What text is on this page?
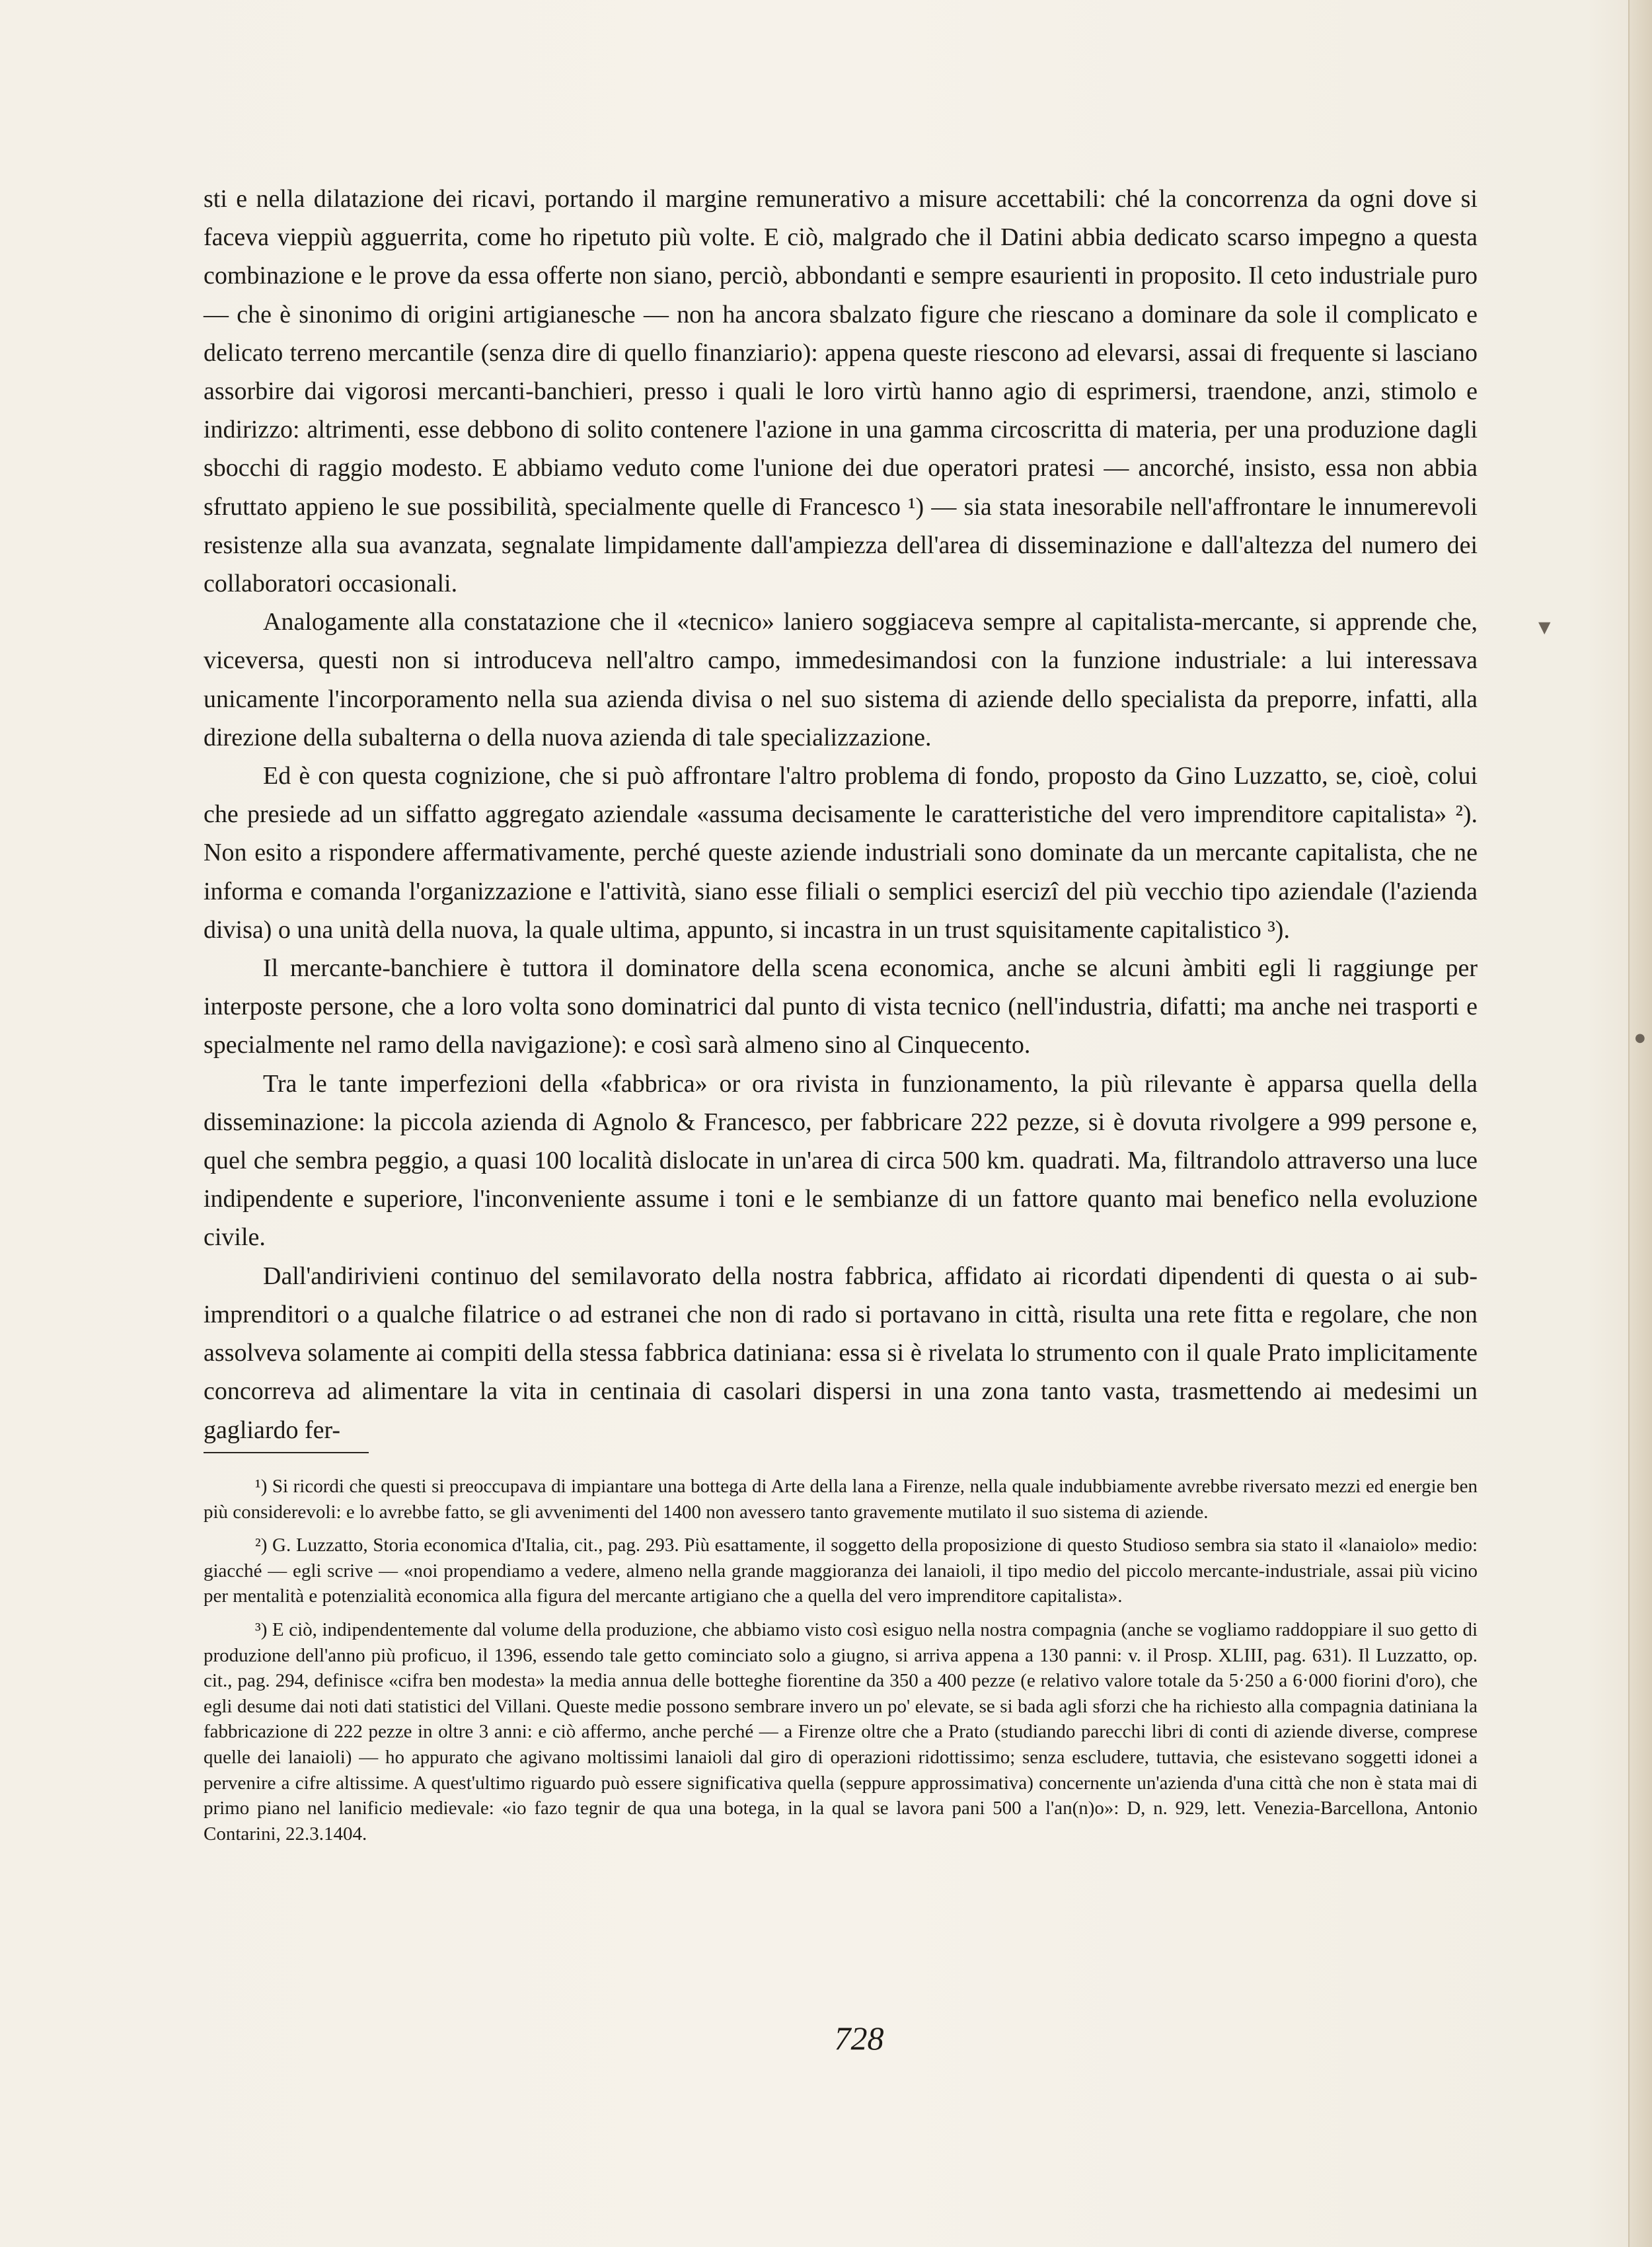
sti e nella dilatazione dei ricavi, portando il margine remunerativo a misure accettabili: ché la concorrenza da ogni dove si faceva vieppiù agguerrita, come ho ripetuto più volte. E ciò, malgrado che il Datini abbia dedicato scarso impegno a questa combinazione e le prove da essa offerte non siano, perciò, abbondanti e sempre esaurienti in proposito. Il ceto industriale puro — che è sinonimo di origini artigianesche — non ha ancora sbalzato figure che riescano a dominare da sole il complicato e delicato terreno mercantile (senza dire di quello finanziario): appena queste riescono ad elevarsi, assai di frequente si lasciano assorbire dai vigorosi mercanti-banchieri, presso i quali le loro virtù hanno agio di esprimersi, traendone, anzi, stimolo e indirizzo: altrimenti, esse debbono di solito contenere l'azione in una gamma circoscritta di materia, per una produzione dagli sbocchi di raggio modesto. E abbiamo veduto come l'unione dei due operatori pratesi — ancorché, insisto, essa non abbia sfruttato appieno le sue possibilità, specialmente quelle di Francesco ¹) — sia stata inesorabile nell'affrontare le innumerevoli resistenze alla sua avanzata, segnalate limpidamente dall'ampiezza dell'area di disseminazione e dall'altezza del numero dei collaboratori occasionali.

Analogamente alla constatazione che il «tecnico» laniero soggiaceva sempre al capitalista-mercante, si apprende che, viceversa, questi non si introduceva nell'altro campo, immedesimandosi con la funzione industriale: a lui interessava unicamente l'incorporamento nella sua azienda divisa o nel suo sistema di aziende dello specialista da preporre, infatti, alla direzione della subalterna o della nuova azienda di tale specializzazione.

Ed è con questa cognizione, che si può affrontare l'altro problema di fondo, proposto da Gino Luzzatto, se, cioè, colui che presiede ad un siffatto aggregato aziendale «assuma decisamente le caratteristiche del vero imprenditore capitalista» ²). Non esito a rispondere affermativamente, perché queste aziende industriali sono dominate da un mercante capitalista, che ne informa e comanda l'organizzazione e l'attività, siano esse filiali o semplici esercizî del più vecchio tipo aziendale (l'azienda divisa) o una unità della nuova, la quale ultima, appunto, si incastra in un trust squisitamente capitalistico ³).

Il mercante-banchiere è tuttora il dominatore della scena economica, anche se alcuni àmbiti egli li raggiunge per interposte persone, che a loro volta sono dominatrici dal punto di vista tecnico (nell'industria, difatti; ma anche nei trasporti e specialmente nel ramo della navigazione): e così sarà almeno sino al Cinquecento.

Tra le tante imperfezioni della «fabbrica» or ora rivista in funzionamento, la più rilevante è apparsa quella della disseminazione: la piccola azienda di Agnolo & Francesco, per fabbricare 222 pezze, si è dovuta rivolgere a 999 persone e, quel che sembra peggio, a quasi 100 località dislocate in un'area di circa 500 km. quadrati. Ma, filtrandolo attraverso una luce indipendente e superiore, l'inconveniente assume i toni e le sembianze di un fattore quanto mai benefico nella evoluzione civile.

Dall'andirivieni continuo del semilavorato della nostra fabbrica, affidato ai ricordati dipendenti di questa o ai sub-imprenditori o a qualche filatrice o ad estranei che non di rado si portavano in città, risulta una rete fitta e regolare, che non assolveva solamente ai compiti della stessa fabbrica datiniana: essa si è rivelata lo strumento con il quale Prato implicitamente concorreva ad alimentare la vita in centinaia di casolari dispersi in una zona tanto vasta, trasmettendo ai medesimi un gagliardo fer-

¹) Si ricordi che questi si preoccupava di impiantare una bottega di Arte della lana a Firenze, nella quale indubbiamente avrebbe riversato mezzi ed energie ben più considerevoli: e lo avrebbe fatto, se gli avvenimenti del 1400 non avessero tanto gravemente mutilato il suo sistema di aziende.

²) G. Luzzatto, Storia economica d'Italia, cit., pag. 293. Più esattamente, il soggetto della proposizione di questo Studioso sembra sia stato il «lanaiolo» medio: giacché — egli scrive — «noi propendiamo a vedere, almeno nella grande maggioranza dei lanaioli, il tipo medio del piccolo mercante-industriale, assai più vicino per mentalità e potenzialità economica alla figura del mercante artigiano che a quella del vero imprenditore capitalista».

³) E ciò, indipendentemente dal volume della produzione, che abbiamo visto così esiguo nella nostra compagnia (anche se vogliamo raddoppiare il suo getto di produzione dell'anno più proficuo, il 1396, essendo tale getto cominciato solo a giugno, si arriva appena a 130 panni: v. il Prosp. XLIII, pag. 631). Il Luzzatto, op. cit., pag. 294, definisce «cifra ben modesta» la media annua delle botteghe fiorentine da 350 a 400 pezze (e relativo valore totale da 5·250 a 6·000 fiorini d'oro), che egli desume dai noti dati statistici del Villani. Queste medie possono sembrare invero un po' elevate, se si bada agli sforzi che ha richiesto alla compagnia datiniana la fabbricazione di 222 pezze in oltre 3 anni: e ciò affermo, anche perché — a Firenze oltre che a Prato (studiando parecchi libri di conti di aziende diverse, comprese quelle dei lanaioli) — ho appurato che agivano moltissimi lanaioli dal giro di operazioni ridottissimo; senza escludere, tuttavia, che esistevano soggetti idonei a pervenire a cifre altissime. A quest'ultimo riguardo può essere significativa quella (seppure approssimativa) concernente un'azienda d'una città che non è stata mai di primo piano nel lanificio medievale: «io fazo tegnir de qua una botega, in la qual se lavora pani 500 a l'an(n)o»: D, n. 929, lett. Venezia-Barcellona, Antonio Contarini, 22.3.1404.

728
▼
●
